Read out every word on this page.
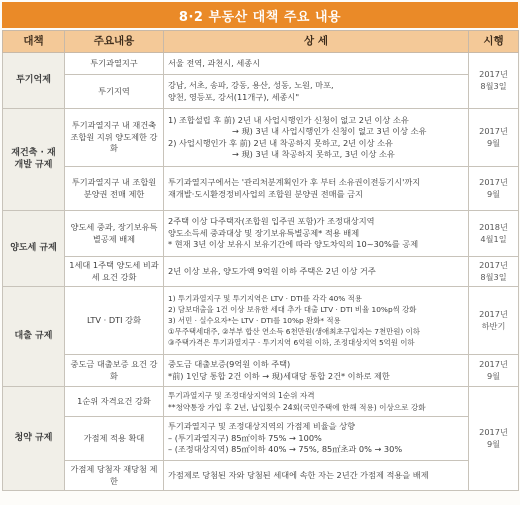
8·2 부동산 대책 주요 내용
대책	주요내용	상 세	시행
투기억제	투기과열지구	서울 전역, 과천시, 세종시	2017년
8월3일

	투기지역	강남, 서초, 송파, 강동, 용산, 성동, 노원, 마포,
양천, 영등포, 강서(11개구), 세종시"	

재건축 · 재개발 규제	투기과열지구 내 재건축 조합원 지위 양도제한 강화	1) 조합설립 후 前) 2년 내 사업시행인가 신청이 없고 2년 이상 소유
→ 現) 3년 내 사업시행인가 신청이 없고 3년 이상 소유
2) 사업시행인가 후 前) 2년 내 착공하지 못하고, 2년 이상 소유
→ 現) 3년 내 착공하지 못하고, 3년 이상 소유	2017년
9월

	투기과열지구 내 조합원 분양권 전매 제한	투기과열지구에서는 '관리처분계획인가 후 부터 소유권이전등기시'까지
재개발·도시환경정비사업의 조합원 분양권 전매를 금지	2017년
9월

양도세 규제	양도세 중과, 장기보유특별공제 배제	2주택 이상 다주택자(조합원 입주권 포함)가 조정대상지역
양도소득세 중과대상 및 장기보유특별공제* 적용 배제
* 현재 3년 이상 보유시 보유기간에 따라 양도차익의 10~30%를 공제	2018년
4월1일

	1세대 1주택 양도세 비과세 요건 강화	2년 이상 보유, 양도가액 9억원 이하 주택은 2년 이상 거주	2017년
8월3일

대출 규제	LTV · DTI 강화	1) 투기과열지구 및 투기지역은 LTV · DTI를 각각 40% 적용
2) 담보대출을 1건 이상 보유한 세대 추가 대출 LTV · DTI 비율 10%p씩 강화
3) 서민 · 실수요자*는 LTV · DTI를 10%p 완화* 적용
①무주택세대주, ②부부 합산 연소득 6천만원(생애최초구입자는 7천만원) 이하
③주택가격은 투기과열지구 · 투기지역 6억원 이하, 조정대상지역 5억원 이하	2017년
하반기

	중도금 대출보증 요건 강화	중도금 대출보증(9억원 이하 주택)
*前) 1인당 통합 2건 이하 → 現)세대당 통합 2건* 이하로 제한	2017년
9월

청약 규제	1순위 자격요건 강화	투기과열지구 및 조정대상지역의 1순위 자격
**청약통장 가입 후 2년, 납입횟수 24회(국민주택에 한해 적용) 이상으로 강화	2017년
9월

	가점제 적용 확대	투기과열지구 및 조정대상지역의 가점제 비율을 상향
– (투기과열지구) 85㎡이하 75% → 100%
– (조정대상지역) 85㎡이하 40% → 75%, 85㎡초과 0% → 30%	

	가점제 당첨자 재당첨 제한	가점제로 당첨된 자와 당첨된 세대에 속한 자는 2년간 가점제 적용을 배제	
